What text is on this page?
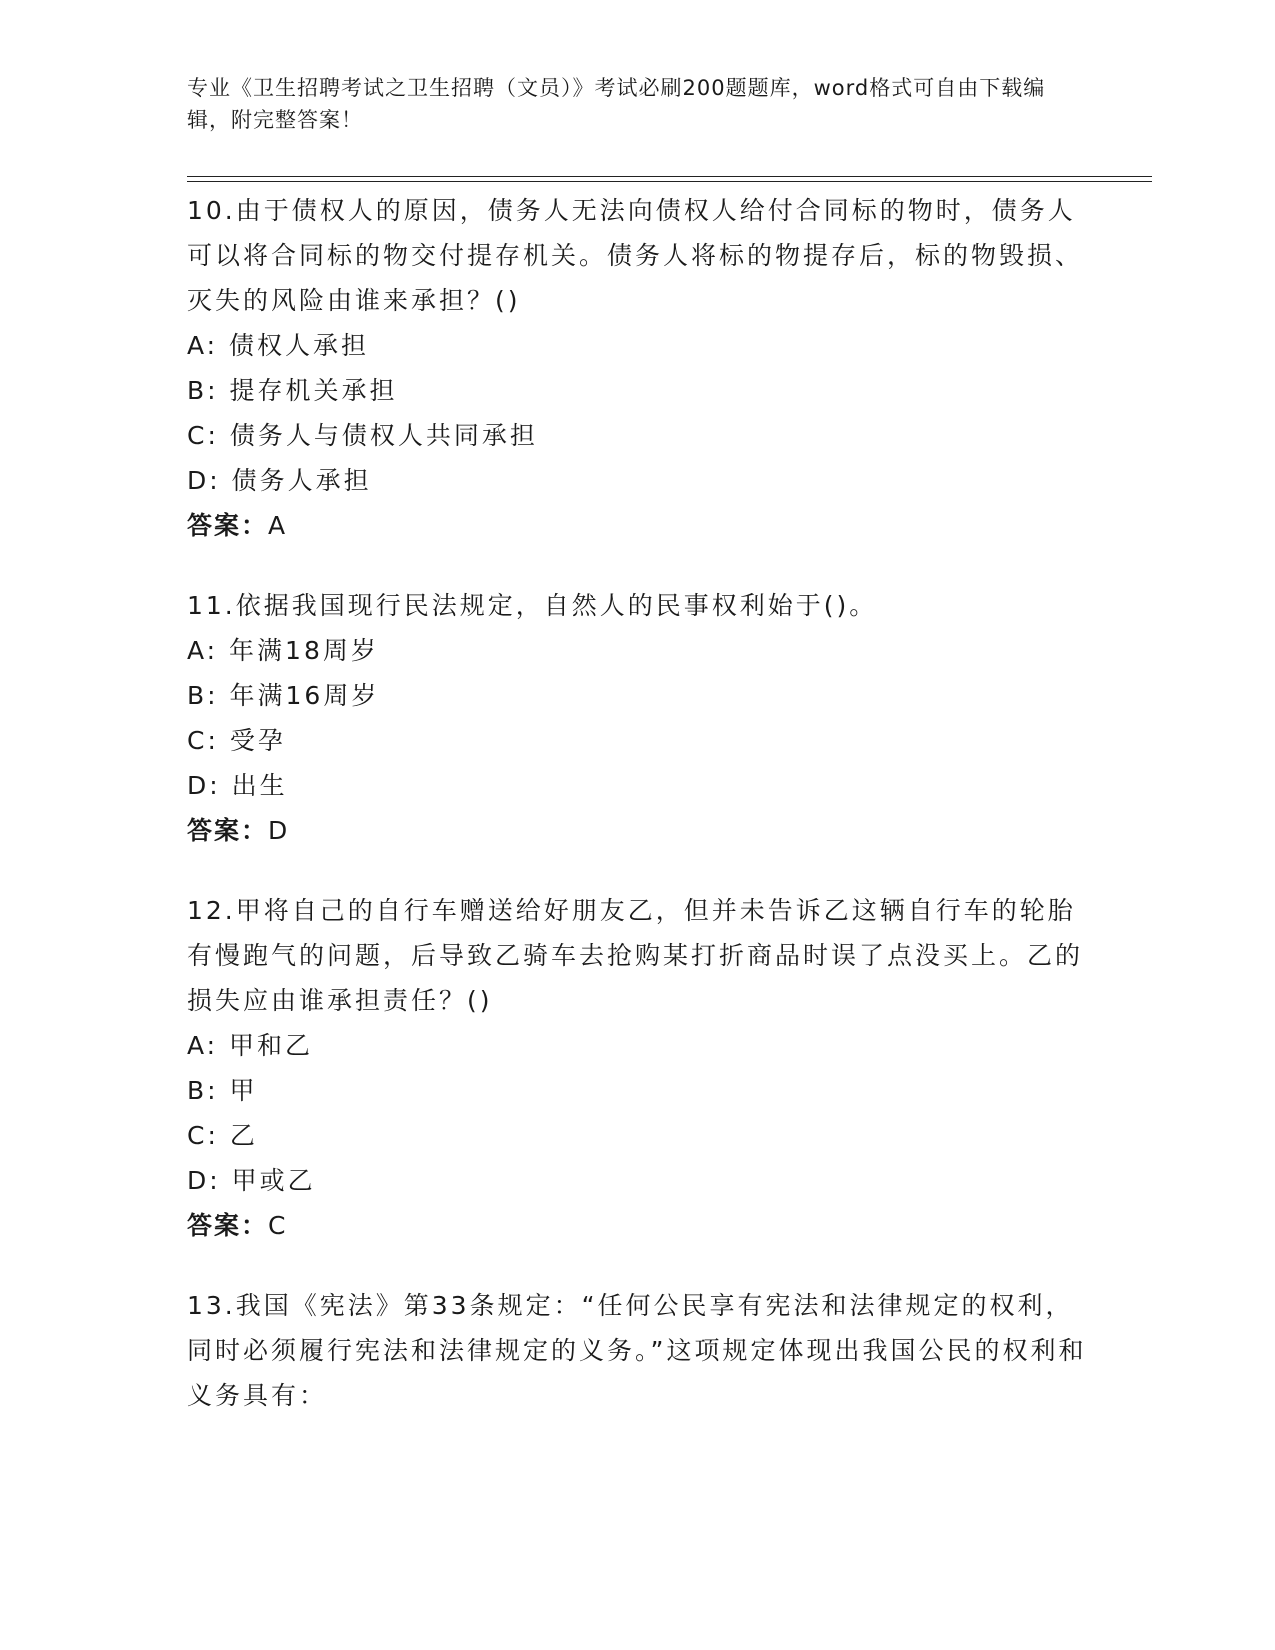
专业《卫生招聘考试之卫生招聘（文员）》考试必刷200题题库，word格式可自由下载编辑，附完整答案！

10.由于债权人的原因，债务人无法向债权人给付合同标的物时，债务人可以将合同标的物交付提存机关。债务人将标的物提存后，标的物毁损、灭失的风险由谁来承担？()

A: 债权人承担

B: 提存机关承担

C: 债务人与债权人共同承担

D: 债务人承担

答案：A

11.依据我国现行民法规定，自然人的民事权利始于()。

A: 年满18周岁

B: 年满16周岁

C: 受孕

D: 出生

答案：D

12.甲将自己的自行车赠送给好朋友乙，但并未告诉乙这辆自行车的轮胎有慢跑气的问题，后导致乙骑车去抢购某打折商品时误了点没买上。乙的损失应由谁承担责任？()

A: 甲和乙

B: 甲

C: 乙

D: 甲或乙

答案：C

13.我国《宪法》第33条规定：“任何公民享有宪法和法律规定的权利，同时必须履行宪法和法律规定的义务。”这项规定体现出我国公民的权利和义务具有：
